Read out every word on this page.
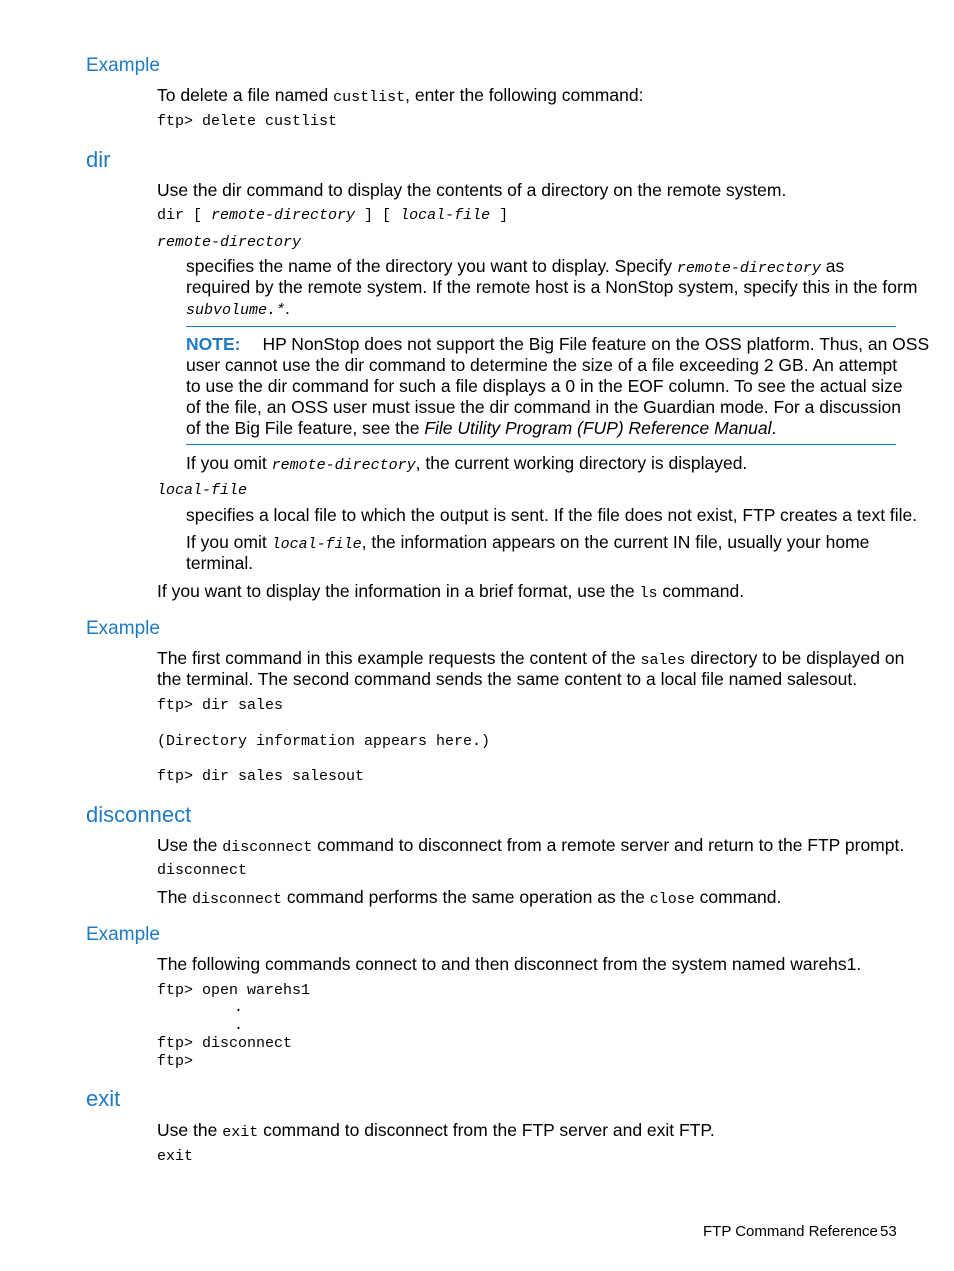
Example
To delete a file named custlist, enter the following command:
ftp> delete custlist
dir
Use the dir command to display the contents of a directory on the remote system.
dir [ remote-directory ] [ local-file ]
remote-directory
specifies the name of the directory you want to display. Specify remote-directory as
required by the remote system. If the remote host is a NonStop system, specify this in the form
subvolume.*.
NOTE: HP NonStop does not support the Big File feature on the OSS platform. Thus, an OSS
user cannot use the dir command to determine the size of a file exceeding 2 GB. An attempt
to use the dir command for such a file displays a 0 in the EOF column. To see the actual size
of the file, an OSS user must issue the dir command in the Guardian mode. For a discussion
of the Big File feature, see the File Utility Program (FUP) Reference Manual.
If you omit remote-directory, the current working directory is displayed.
local-file
specifies a local file to which the output is sent. If the file does not exist, FTP creates a text file.
If you omit local-file, the information appears on the current IN file, usually your home
terminal.
If you want to display the information in a brief format, use the ls command.
Example
The first command in this example requests the content of the sales directory to be displayed on
the terminal. The second command sends the same content to a local file named salesout.
ftp> dir sales
(Directory information appears here.)
ftp> dir sales salesout
disconnect
Use the disconnect command to disconnect from a remote server and return to the FTP prompt.
disconnect
The disconnect command performs the same operation as the close command.
Example
The following commands connect to and then disconnect from the system named warehs1.
ftp> open warehs1
.
.
ftp> disconnect
ftp>
exit
Use the exit command to disconnect from the FTP server and exit FTP.
exit
FTP Command Reference 53
